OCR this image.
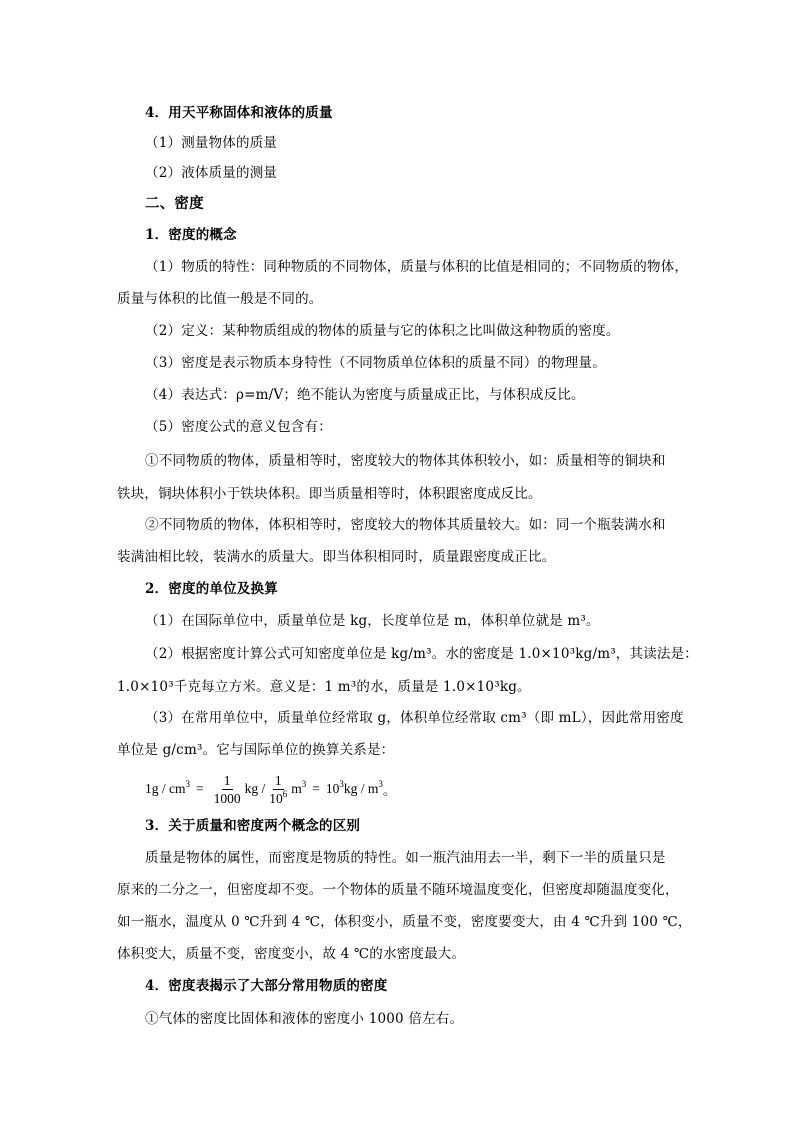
4．用天平称固体和液体的质量
（1）测量物体的质量
（2）液体质量的测量
二、密度
1．密度的概念
（1）物质的特性：同种物质的不同物体，质量与体积的比值是相同的；不同物质的物体，
质量与体积的比值一般是不同的。
（2）定义：某种物质组成的物体的质量与它的体积之比叫做这种物质的密度。
（3）密度是表示物质本身特性（不同物质单位体积的质量不同）的物理量。
（4）表达式：ρ=m/V；绝不能认为密度与质量成正比，与体积成反比。
（5）密度公式的意义包含有：
①不同物质的物体，质量相等时，密度较大的物体其体积较小，如：质量相等的铜块和
铁块，铜块体积小于铁块体积。即当质量相等时，体积跟密度成反比。
②不同物质的物体，体积相等时，密度较大的物体其质量较大。如：同一个瓶装满水和
装满油相比较，装满水的质量大。即当体积相同时，质量跟密度成正比。
2．密度的单位及换算
（1）在国际单位中，质量单位是 kg，长度单位是 m，体积单位就是 m³。
（2）根据密度计算公式可知密度单位是 kg/m³。水的密度是 1.0×10³kg/m³，其读法是：
1.0×10³千克每立方米。意义是：1 m³的水，质量是 1.0×10³kg。
（3）在常用单位中，质量单位经常取 g，体积单位经常取 cm³（即 mL），因此常用密度
单位是 g/cm³。它与国际单位的换算关系是：
$1g / cm^3 = \frac{1}{1000}$ kg / $\frac{1}{10^6} m^3 = 10^3kg / m^3$ 。
3．关于质量和密度两个概念的区别
质量是物体的属性，而密度是物质的特性。如一瓶汽油用去一半，剩下一半的质量只是
原来的二分之一，但密度却不变。一个物体的质量不随环境温度变化，但密度却随温度变化，
如一瓶水，温度从 0 ℃升到 4 ℃，体积变小，质量不变，密度要变大，由 4 ℃升到 100 ℃，
体积变大，质量不变，密度变小，故 4 ℃的水密度最大。
4．密度表揭示了大部分常用物质的密度
①气体的密度比固体和液体的密度小 1000 倍左右。
